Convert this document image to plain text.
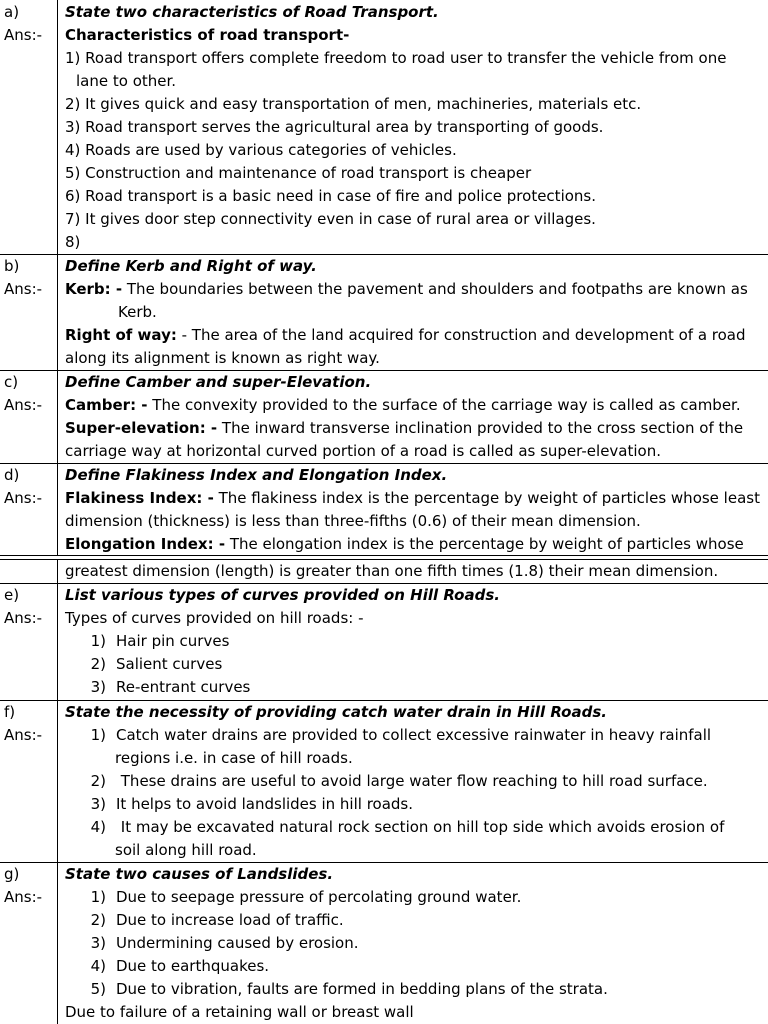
a)	State two characteristics of Road Transport.
Ans:-	Characteristics of road transport-
1) Road transport offers complete freedom to road user to transfer the vehicle from one
lane to other.
2) It gives quick and easy transportation of men, machineries, materials etc.
3) Road transport serves the agricultural area by transporting of goods.
4) Roads are used by various categories of vehicles.
5) Construction and maintenance of road transport is cheaper
6) Road transport is a basic need in case of fire and police protections.
7) It gives door step connectivity even in case of rural area or villages.
8)
b)	Define Kerb and Right of way.
Ans:-	Kerb: - The boundaries between the pavement and shoulders and footpaths are known as
Kerb.
Right of way: - The area of the land acquired for construction and development of a road
along its alignment is known as right way.
c)	Define Camber and super-Elevation.
Ans:-	Camber: - The convexity provided to the surface of the carriage way is called as camber.
Super-elevation: - The inward transverse inclination provided to the cross section of the
carriage way at horizontal curved portion of a road is called as super-elevation.
d)	Define Flakiness Index and Elongation Index.
Ans:-	Flakiness Index: - The flakiness index is the percentage by weight of particles whose least
dimension (thickness) is less than three-fifths (0.6) of their mean dimension.
Elongation Index: - The elongation index is the percentage by weight of particles whose
greatest dimension (length) is greater than one fifth times (1.8) their mean dimension.
e)	List various types of curves provided on Hill Roads.
Ans:-	Types of curves provided on hill roads: -
1) Hair pin curves
2) Salient curves
3) Re-entrant curves
f)	State the necessity of providing catch water drain in Hill Roads.
Ans:-	1) Catch water drains are provided to collect excessive rainwater in heavy rainfall
regions i.e. in case of hill roads.
2) These drains are useful to avoid large water flow reaching to hill road surface.
3) It helps to avoid landslides in hill roads.
4) It may be excavated natural rock section on hill top side which avoids erosion of
soil along hill road.
g)	State two causes of Landslides.
Ans:-	1) Due to seepage pressure of percolating ground water.
2) Due to increase load of traffic.
3) Undermining caused by erosion.
4) Due to earthquakes.
5) Due to vibration, faults are formed in bedding plans of the strata.
Due to failure of a retaining wall or breast wall
